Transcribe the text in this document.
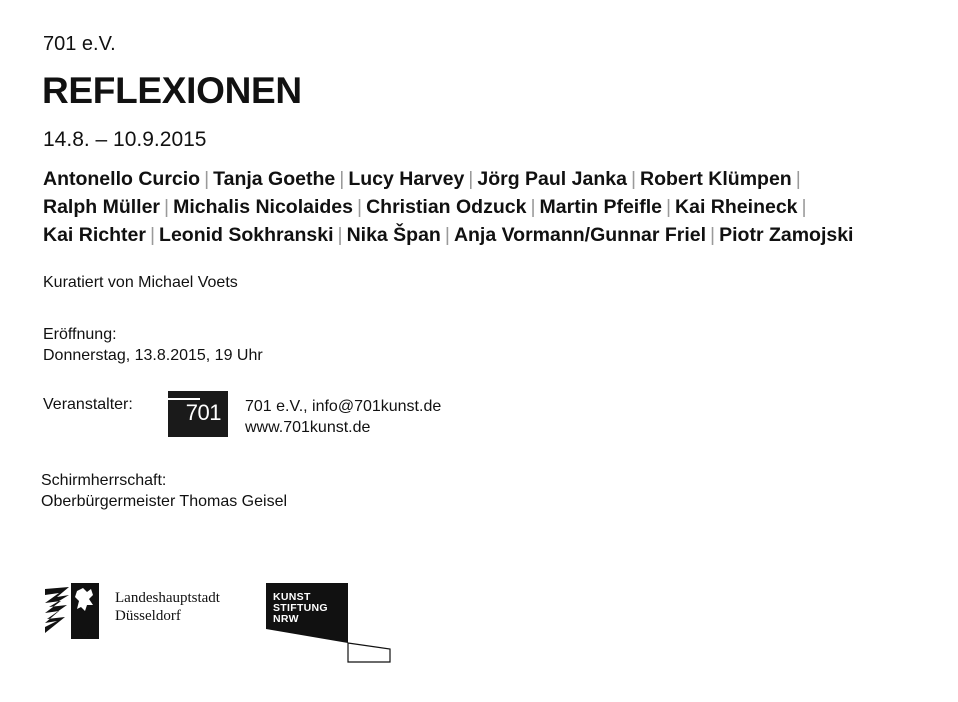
701 e.V.
REFLEXIONEN
14.8. – 10.9.2015
Antonello Curcio | Tanja Goethe | Lucy Harvey | Jörg Paul Janka | Robert Klümpen |
Ralph Müller | Michalis Nicolaides | Christian Odzuck | Martin Pfeifle | Kai Rheineck |
Kai Richter | Leonid Sokhranski | Nika Špan | Anja Vormann/Gunnar Friel | Piotr Zamojski
Kuratiert von Michael Voets
Eröffnung:
Donnerstag, 13.8.2015, 19 Uhr
Veranstalter: 701 701 e.V., info@701kunst.de
www.701kunst.de
Schirmherrschaft:
Oberbürgermeister Thomas Geisel
Landeshauptstadt
Düsseldorf
KUNST
STIFTUNG
NRW
